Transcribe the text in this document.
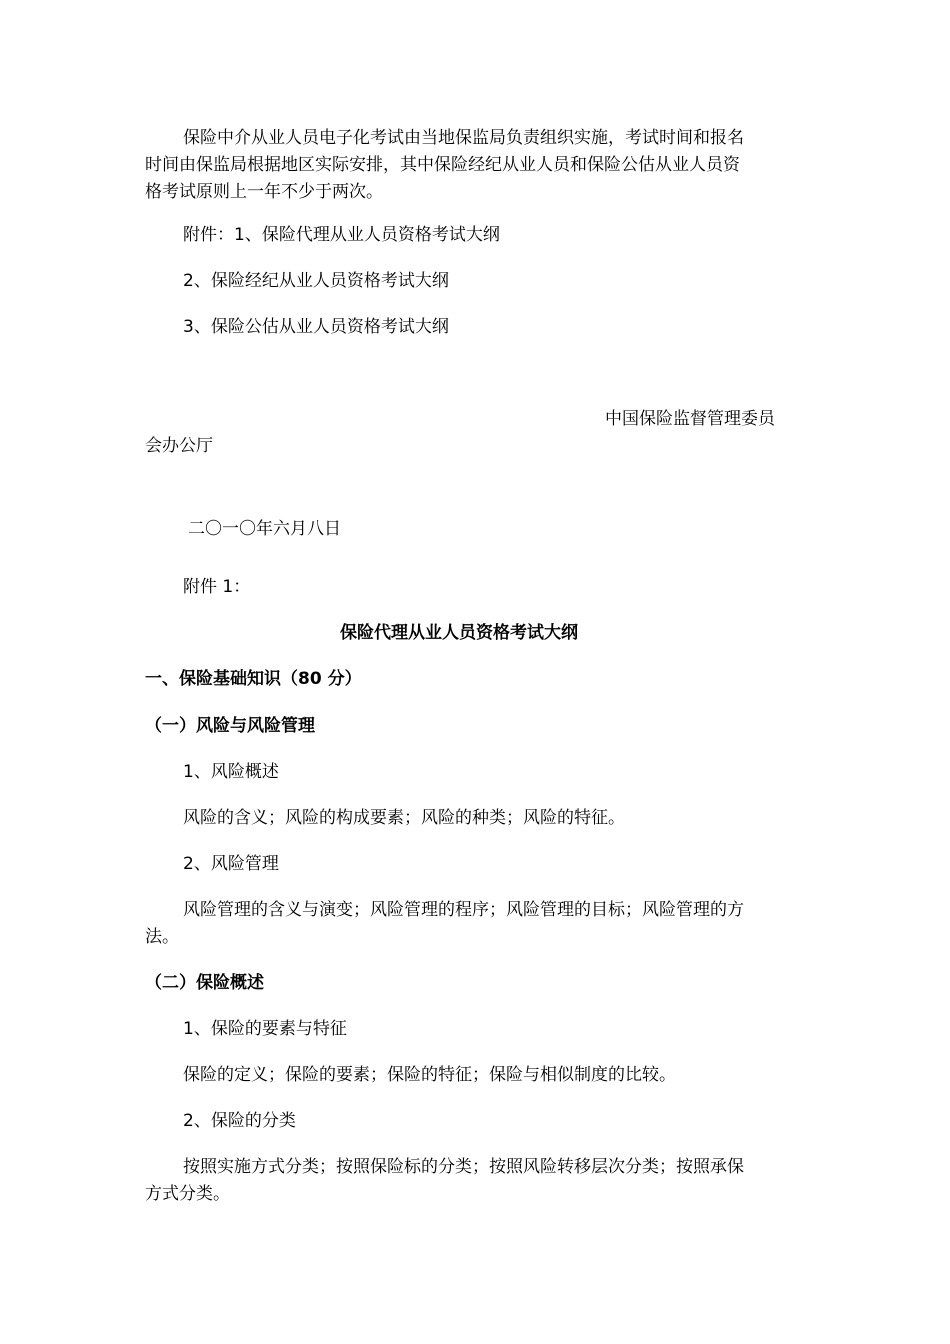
保险中介从业人员电子化考试由当地保监局负责组织实施，考试时间和报名
时间由保监局根据地区实际安排，其中保险经纪从业人员和保险公估从业人员资
格考试原则上一年不少于两次。
附件：1、保险代理从业人员资格考试大纲
2、保险经纪从业人员资格考试大纲
3、保险公估从业人员资格考试大纲
中国保险监督管理委员
会办公厅
二〇一〇年六月八日
附件 1：
保险代理从业人员资格考试大纲
一、保险基础知识（80 分）
（一）风险与风险管理
1、风险概述
风险的含义；风险的构成要素；风险的种类；风险的特征。
2、风险管理
风险管理的含义与演变；风险管理的程序；风险管理的目标；风险管理的方
法。
（二）保险概述
1、保险的要素与特征
保险的定义；保险的要素；保险的特征；保险与相似制度的比较。
2、保险的分类
按照实施方式分类；按照保险标的分类；按照风险转移层次分类；按照承保
方式分类。
